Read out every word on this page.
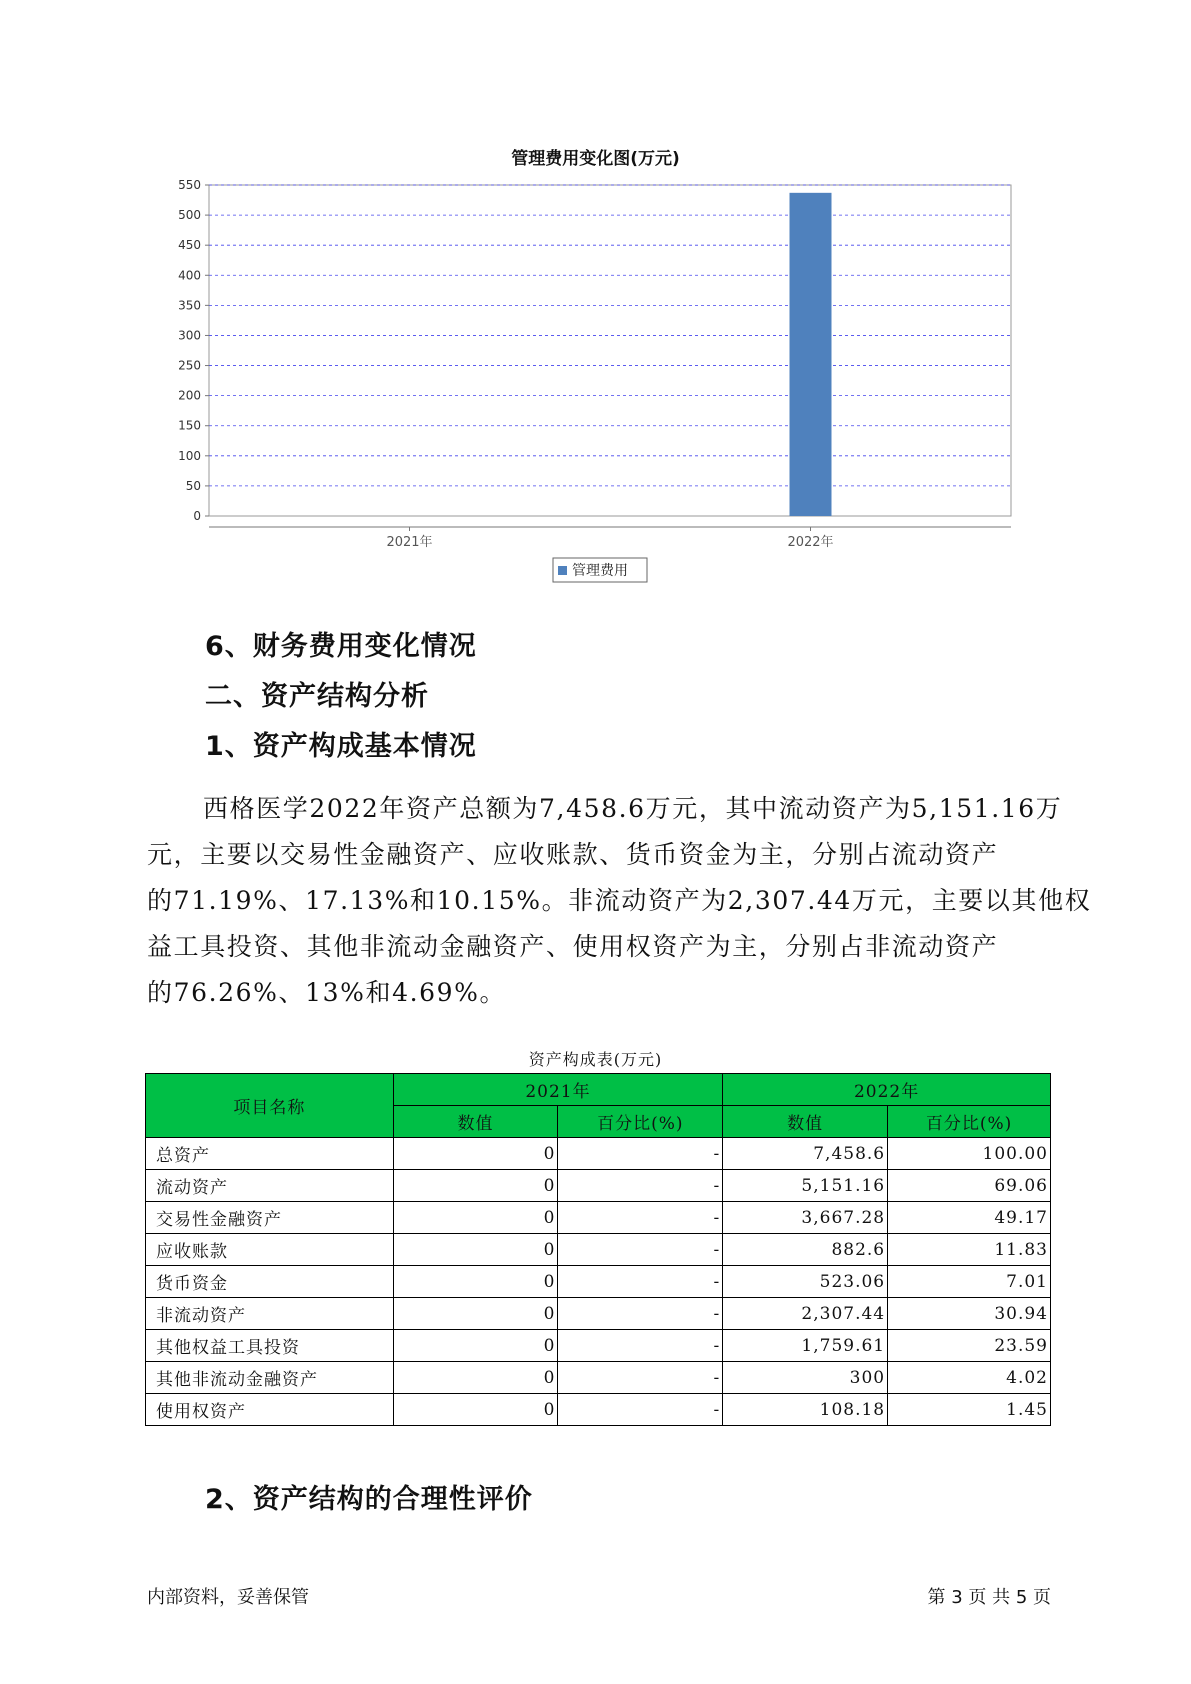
管理费用变化图(万元)
0
50
100
150
200
250
300
350
400
450
500
550
2021年	2022年
管理费用
6、财务费用变化情况
二、资产结构分析
1、资产构成基本情况
西格医学2022年资产总额为7,458.6万元，其中流动资产为5,151.16万
元，主要以交易性金融资产、应收账款、货币资金为主，分别占流动资产
的71.19%、17.13%和10.15%。非流动资产为2,307.44万元，主要以其他权
益工具投资、其他非流动金融资产、使用权资产为主，分别占非流动资产
的76.26%、13%和4.69%。
资产构成表(万元)
项目名称	2021年		2022年	
	数值	百分比(%)	数值	百分比(%)
总资产	0	-	7,458.6	100.00
流动资产	0	-	5,151.16	69.06
交易性金融资产	0	-	3,667.28	49.17
应收账款	0	-	882.6	11.83
货币资金	0	-	523.06	7.01
非流动资产	0	-	2,307.44	30.94
其他权益工具投资	0	-	1,759.61	23.59
其他非流动金融资产	0	-	300	4.02
使用权资产	0	-	108.18	1.45
2、资产结构的合理性评价
内部资料，妥善保管	第 3 页 共 5 页
